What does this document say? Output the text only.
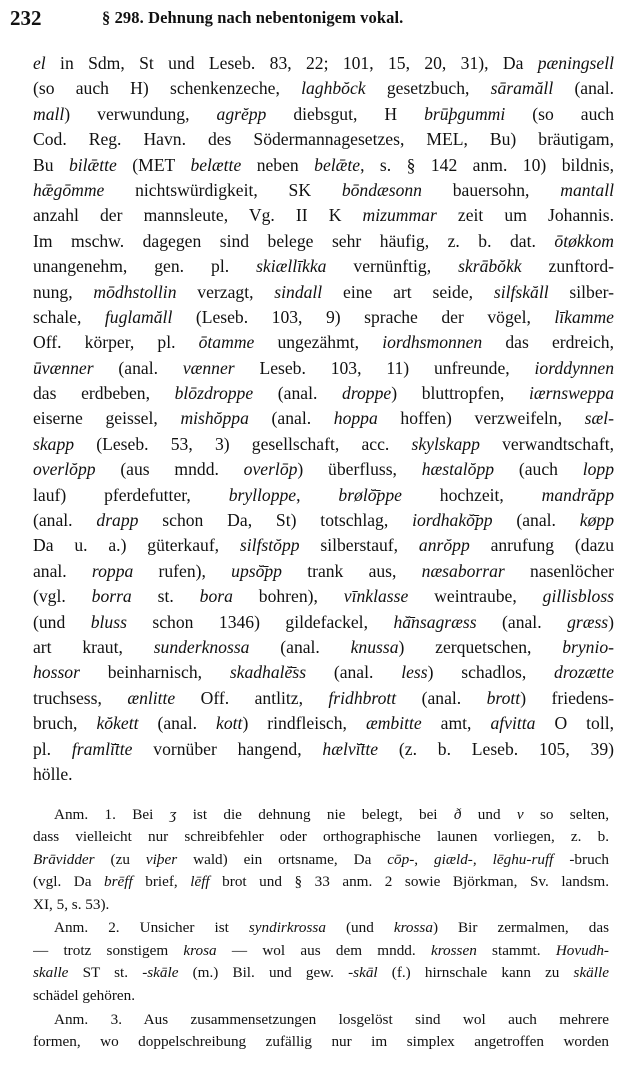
232	§ 298. Dehnung nach nebentonigem vokal.
el in Sdm, St und Leseb. 83, 22; 101, 15, 20, 31), Da pæningsell
(so auch H) schenkenzeche, laghbŏck gesetzbuch, sāramăll (anal.
mall) verwundung, agrĕpp diebsgut, H brūþgummi (so auch
Cod. Reg. Havn. des Södermannagesetzes, MEL, Bu) bräutigam,
Bu bilǣtte (MET belætte neben belǣte, s. § 142 anm. 10) bildnis,
hǣgōmme nichtswürdigkeit, SK bōndæsonn bauersohn, mantall
anzahl der mannsleute, Vg. II K mizummar zeit um Johannis.
Im mschw. dagegen sind belege sehr häufig, z. b. dat. ōtøkkom
unangenehm, gen. pl. skiællīkka vernünftig, skrābŏkk zunftord-
nung, mōdhstollin verzagt, sindall eine art seide, silfskăll silber-
schale, fuglamăll (Leseb. 103, 9) sprache der vögel, līkamme
Off. körper, pl. ōtamme ungezähmt, iordhsmonnen das erdreich,
ūvænner (anal. vænner Leseb. 103, 11) unfreunde, iorddynnen
das erdbeben, blōzdroppe (anal. droppe) bluttropfen, iærnsweppa
eiserne geissel, mishŏppa (anal. hoppa hoffen) verzweifeln, sæl-
skapp (Leseb. 53, 3) gesellschaft, acc. skylskapp verwandtschaft,
overlŏpp (aus mndd. overlōp) überfluss, hæstalŏpp (auch lopp
lauf) pferdefutter, brylloppe, brølŏ̄ppe hochzeit, mandrăpp
(anal. drapp schon Da, St) totschlag, iordhakŏ̄pp (anal. køpp
Da u. a.) güterkauf, silfstŏpp silberstauf, anrŏpp anrufung (dazu
anal. roppa rufen), upsŏ̄pp trank aus, næsaborrar nasenlöcher
(vgl. borra st. bora bohren), vīnklasse weintraube, gillisbloss
(und bluss schon 1346) gildefackel, hă̄nsagræss (anal. græss)
art kraut, sunderknossa (anal. knussa) zerquetschen, brynio-
hossor beinharnisch, skadhalĕ̄ss (anal. less) schadlos, drozætte
truchsess, ænlitte Off. antlitz, fridhbrott (anal. brott) friedens-
bruch, kŏkett (anal. kott) rindfleisch, æmbitte amt, afvitta O toll,
pl. framlĭ̄tte vornüber hangend, hælvĭ̄tte (z. b. Leseb. 105, 39)
hölle.
Anm. 1. Bei ʒ ist die dehnung nie belegt, bei ð und v so selten,
dass vielleicht nur schreibfehler oder orthographische launen vorliegen, z. b.
Brāvidder (zu viþer wald) ein ortsname, Da cōp-, giæld-, lēghu-ruff -bruch
(vgl. Da brēff brief, lēff brot und § 33 anm. 2 sowie Björkman, Sv. landsm.
XI, 5, s. 53).
Anm. 2. Unsicher ist syndirkrossa (und krossa) Bir zermalmen, das
— trotz sonstigem krosa — wol aus dem mndd. krossen stammt. Hovudh-
skalle ST st. -skāle (m.) Bil. und gew. -skāl (f.) hirnschale kann zu skälle
schädel gehören.
Anm. 3. Aus zusammensetzungen losgelöst sind wol auch mehrere
formen, wo doppelschreibung zufällig nur im simplex angetroffen worden
